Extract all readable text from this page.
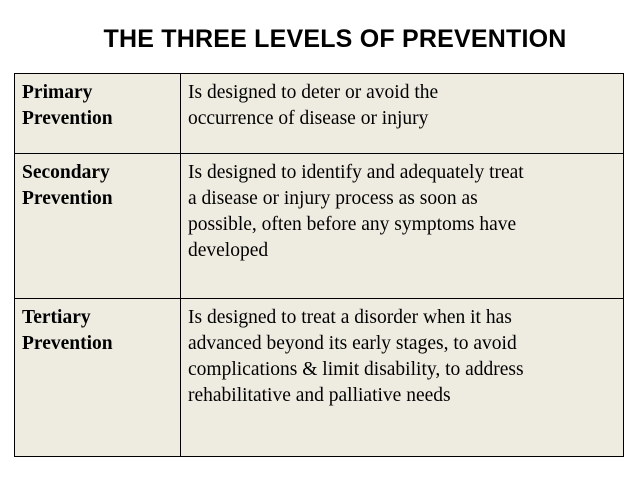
THE THREE LEVELS OF PREVENTION
Primary
Prevention	Is designed to deter or avoid the
occurrence of disease or injury

Secondary
Prevention	Is designed to identify and adequately treat
a disease or injury process as soon as
possible, often before any symptoms have
developed

Tertiary
Prevention	Is designed to treat a disorder when it has
advanced beyond its early stages, to avoid
complications & limit disability, to address
rehabilitative and palliative needs
